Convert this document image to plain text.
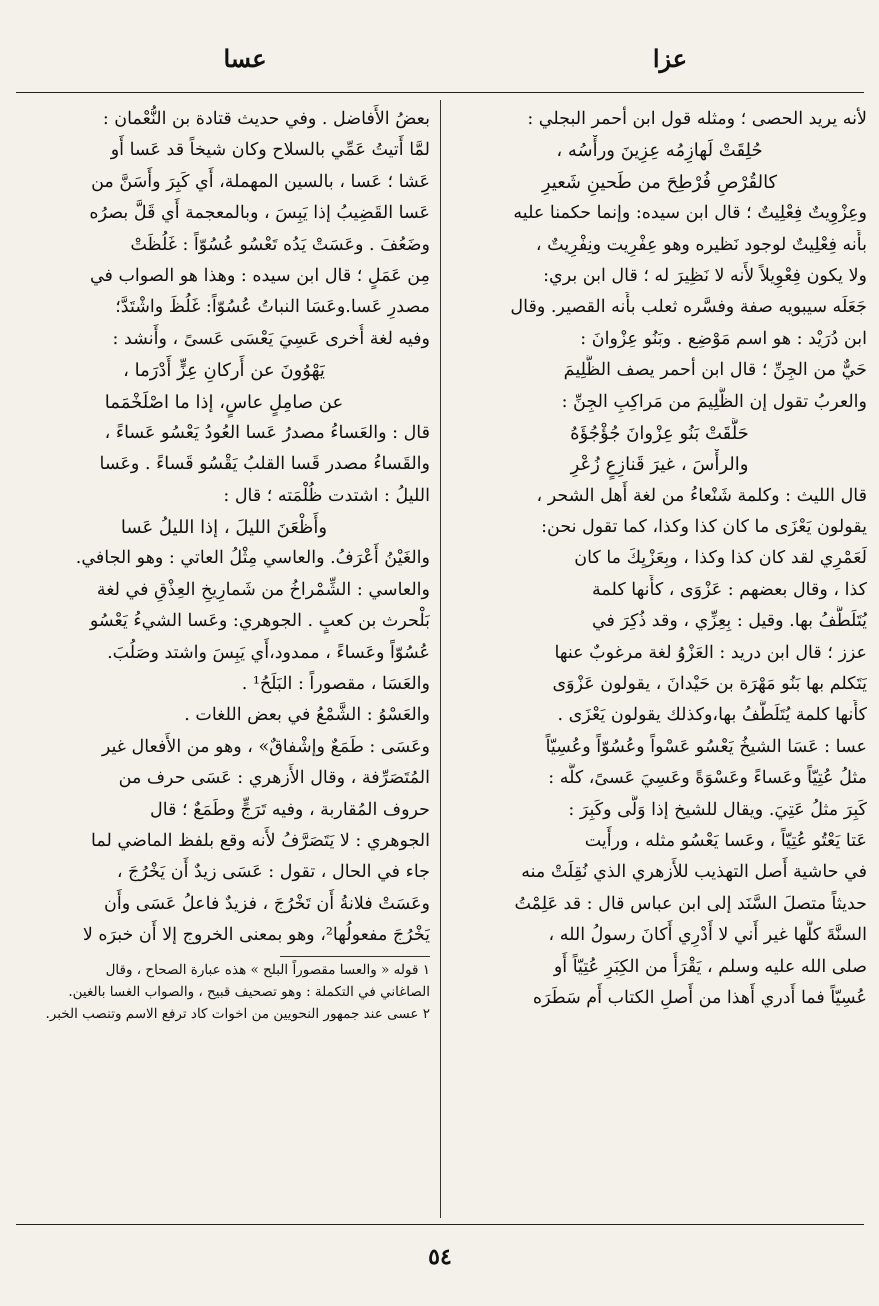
عزا
عسا
لأنه يريد الحصى ؛ ومثله قول ابن أحمر البجلي :
حُلِقَتْ لَهازِمُه عِزِينَ ورأْسُه ،
كالقُرْصِ فُرْطِحَ من طَحينِ شَعيرِ
وعِزْوِيتٌ فِعْلِيتٌ ؛ قال ابن سيده: وإنما حكمنا عليه
بأَنه فِعْلِيتٌ لوجود نَظيره وهو عِفْرِيت ونِفْرِيتٌ ،
ولا يكون فِعْوِيلاً لأَنه لا نَظِيرَ له ؛ قال ابن بري:
جَعَلَه سيبويه صفة وفسَّره ثعلب بأَنه القصير. وقال
ابن دُرَيْد : هو اسم مَوْضِع . وبَنُو عِزْوانَ :
حَيٌّ من الجِنِّ ؛ قال ابن أحمر يصف الظَّلِيمَ
والعربُ تقول إن الظَّلِيمَ من مَراكِبِ الجِنِّ :
حَلَّقَتْ بَنُو عِزْوانَ جُؤْجُؤَهُ
والرأْسَ ، غيرَ قَنازِعٍ زُعْرِ
قال الليث : وكلمة شَنْعاءُ من لغة أَهل الشحر ،
يقولون يَعْزَى ما كان كذا وكذا، كما تقول نحن:
لَعَمْرِي لقد كان كذا وكذا ، وبِعَزْيِكَ ما كان
كذا ، وقال بعضهم : عَزْوَى ، كأَنها كلمة
يُتَلَطَّفُ بها. وقيل : بِعِزِّي ، وقد ذُكِرَ في
عزز ؛ قال ابن دريد : العَزْوُ لغة مرغوبٌ عنها
يَتَكلم بها بَنُو مَهْرَة بن حَيْدانَ ، يقولون عَزْوَى
كأَنها كلمة يُتَلَطَّفُ بها،وكذلك يقولون يَعْزَى .
عسا : عَسَا الشيخُ يَعْسُو عَسْواً وعُسُوّاً وعُسِيّاً
مثلُ عُتِيّاً وعَساءً وعَسْوَةً وعَسِيَ عَسىً، كلُّه :
كَبِرَ مثلُ عَتِيَ. ويقال للشيخ إذا وَلَّى وكَبِرَ :
عَتا يَعْتُو عُتِيّاً ، وعَسا يَعْسُو مثله ، ورأَيت
في حاشية أَصل التهذيب للأَزهري الذي نُقِلَتْ منه
حديثاً متصلَ السَّنَد إلى ابن عباس قال : قد عَلِمْتُ
السنَّةَ كلَّها غير أَني لا أَدْرِي أَكانَ رسولُ الله ،
صلى الله عليه وسلم ، يَقْرَأُ من الكِبَرِ عُتِيّاً أَو
عُسِيّاً فما أَدري أَهذا من أَصلِ الكتاب أَم سَطَرَه
بعضُ الأَفاضل . وفي حديث قتادة بن النُّعْمان :
لمَّا أَتيتُ عَمِّي بالسلاح وكان شيخاً قد عَسا أَو
عَشا ؛ عَسا ، بالسين المهملة، أَي كَبِرَ وأَسَنَّ من
عَسا القَضِيبُ إذا يَبِسَ ، وبالمعجمة أَي قَلَّ بصرُه
وضَعُفَ . وعَسَتْ يَدُه تَعْسُو عُسُوّاً : غَلُظَتْ
مِن عَمَلٍ ؛ قال ابن سيده : وهذا هو الصواب في
مصدرِ عَسا.وعَسَا النباتُ عُسُوّاً: غَلُظَ واشْتَدَّ؛
وفيه لغة أُخرى عَسِيَ يَعْسَى عَسىً ، وأَنشد :
يَهْوُونَ عن أَركانِ عِزٍّ أَدْرَما ،
عن صامِلٍ عاسٍ، إذا ما اصْلَخْمَما
قال : والعَساءُ مصدرُ عَسا العُودُ يَعْسُو عَساءً ،
والقَساءُ مصدر قَسا القلبُ يَقْسُو قَساءً . وعَسا
الليلُ : اشتدت ظُلْمَته ؛ قال :
وأَظْعَنَ الليلَ ، إذا الليلُ عَسا
والغَيْنُ أَعْرَفُ. والعاسي مِثْلُ العاتي : وهو الجافي.
والعاسي : الشِّمْراخُ من شَمارِيخِ العِذْقِ في لغة
بَلْحرث بن كعبٍ . الجوهري: وعَسا الشيءُ يَعْسُو
عُسُوّاً وعَساءً ، ممدود،أَي يَبِسَ واشتد وصَلُبَ.
والعَسَا ، مقصوراً : البَلَحُ¹ .
والعَسْوُ : الشَّمْعُ في بعض اللغات .
وعَسَى : طَمَعٌ وإشْفاقٌ» ، وهو من الأَفعال غير
المُتَصَرِّفة ، وقال الأَزهري : عَسَى حرف من
حروف المُقاربة ، وفيه تَرَجٍّ وطَمَعٌ ؛ قال
الجوهري : لا يَتَصَرَّفُ لأَنه وقع بلفظ الماضي لما
جاء في الحال ، تقول : عَسَى زيدٌ أَن يَخْرُجَ ،
وعَسَتْ فلانةُ أَن تَخْرُجَ ، فزيدٌ فاعلُ عَسَى وأَن
يَخْرُجَ مفعولُها²، وهو بمعنى الخروج إلا أَن خبرَه لا
١ قوله « والعسا مقصوراً البلح » هذه عبارة الصحاح ، وقال
الصاغاني في التكملة : وهو تصحيف قبيح ، والصواب الغسا بالغين.
٢ عسى عند جمهور النحويين من اخوات كاد ترفع الاسم وتنصب الخبر.
٥٤
